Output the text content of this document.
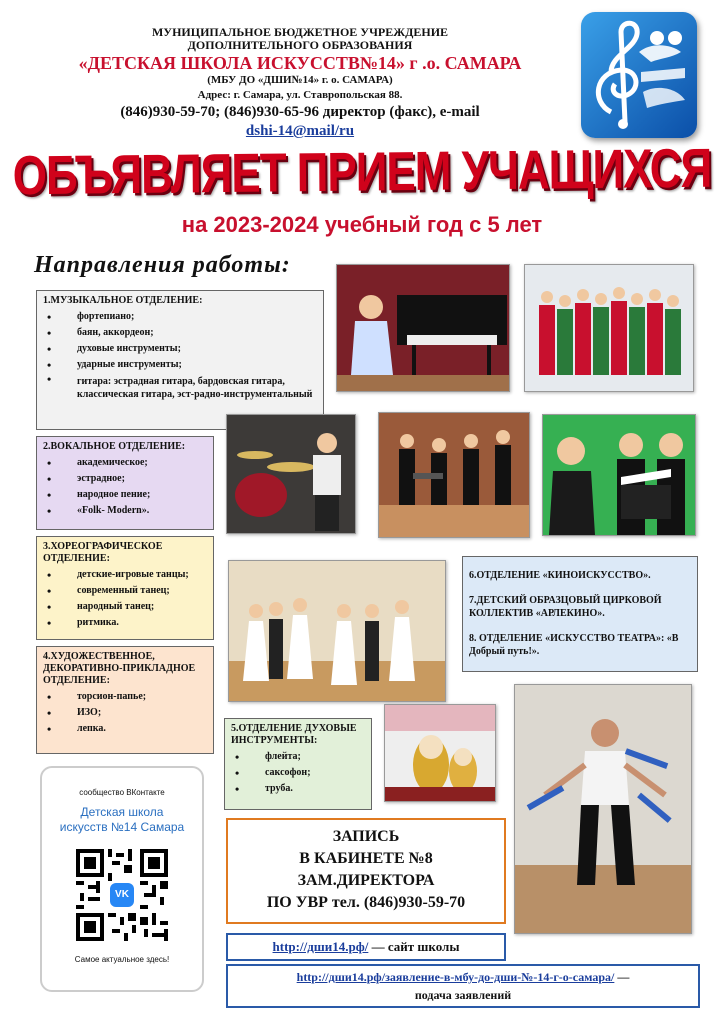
МУНИЦИПАЛЬНОЕ БЮДЖЕТНОЕ УЧРЕЖДЕНИЕ
ДОПОЛНИТЕЛЬНОГО ОБРАЗОВАНИЯ
«ДЕТСКАЯ ШКОЛА ИСКУССТВ№14» г .о. САМАРА
(МБУ ДО «ДШИ№14» г. о. САМАРА)
Адрес: г. Самара, ул. Ставропольская 88.
(846)930-59-70; (846)930-65-96 директор (факс), e-mail
dshi-14@mail/ru
ОБЪЯВЛЯЕТ ПРИЕМ УЧАЩИХСЯ
на 2023-2024 учебный год с 5 лет
Направления работы:
1.МУЗЫКАЛЬНОЕ ОТДЕЛЕНИЕ:
• фортепиано;
• баян, аккордеон;
• духовые инструменты;
• ударные инструменты;
• гитара: эстрадная гитара, бардовская гитара, классическая гитара, эст-радно-инструментальный
2.ВОКАЛЬНОЕ ОТДЕЛЕНИЕ:
• академическое;
• эстрадное;
• народное пение;
• «Folk- Modern».
3.ХОРЕОГРАФИЧЕСКОЕ ОТДЕЛЕНИЕ:
• детские-игровые танцы;
• современный танец;
• народный танец;
• ритмика.
4.ХУДОЖЕСТВЕННОЕ, ДЕКОРАТИВНО-ПРИКЛАДНОЕ ОТДЕЛЕНИЕ:
• торсион-папье;
• ИЗО;
• лепка.	5.ОТДЕЛЕНИЕ ДУХОВЫЕ ИНСТРУМЕНТЫ:
• флейта;
• саксофон;
• труба.
6.ОТДЕЛЕНИЕ «КИНОИСКУССТВО».
7.ДЕТСКИЙ ОБРАЗЦОВЫЙ ЦИРКОВОЙ КОЛЛЕКТИВ «АРЛЕКИНО».
8. ОТДЕЛЕНИЕ «ИСКУССТВО ТЕАТРА»: «В Добрый путь!».
сообщество ВКонтакте
Детская школа искусств №14 Самара
VK
Самое актуальное здесь!
ЗАПИСЬ
В КАБИНЕТЕ №8
ЗАМ.ДИРЕКТОРА
ПО УВР тел. (846)930-59-70
http://дши14.рф/ — сайт школы
http://дши14.рф/заявление-в-мбу-до-дши-№-14-г-о-самара/ —
подача заявлений
